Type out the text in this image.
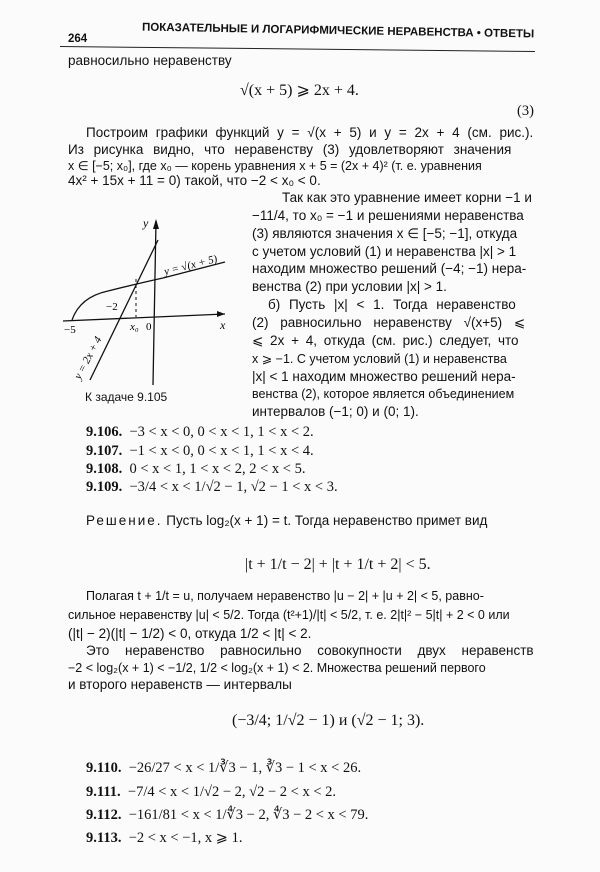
264	ПОКАЗАТЕЛЬНЫЕ И ЛОГАРИФМИЧЕСКИЕ НЕРАВЕНСТВА • ОТВЕТЫ
равносильно неравенству
√(x + 5) ⩾ 2x + 4.
(3)
Построим графики функций y = √(x + 5) и y = 2x + 4 (см. рис.).
Из рисунка видно, что неравенству (3) удовлетворяют значения
x ∈ [−5; x₀], где x₀ — корень уравнения x + 5 = (2x + 4)² (т. е. уравнения
4x² + 15x + 11 = 0) такой, что −2 < x₀ < 0.
Так как это уравнение имеет корни −1 и
−11/4, то x₀ = −1 и решениями неравенства
(3) являются значения x ∈ [−5; −1], откуда
с учетом условий (1) и неравенства |x| > 1
находим множество решений (−4; −1) нера-
венства (2) при условии |x| > 1.
б) Пусть |x| < 1. Тогда неравенство
(2) равносильно неравенству √(x+5) ⩽
⩽ 2x + 4, откуда (см. рис.) следует, что
x ⩾ −1. С учетом условий (1) и неравенства
|x| < 1 находим множество решений нера-
венства (2), которое является объединением
интервалов (−1; 0) и (0; 1).
y
x
−5
−2
x₀ 0
y = √(x + 5)
y = 2x + 4
К задаче 9.105
9.106. −3 < x < 0, 0 < x < 1, 1 < x < 2.
9.107. −1 < x < 0, 0 < x < 1, 1 < x < 4.
9.108. 0 < x < 1, 1 < x < 2, 2 < x < 5.
9.109. −3/4 < x < 1/√2 − 1, √2 − 1 < x < 3.
Решение. Пусть log₂(x + 1) = t. Тогда неравенство примет вид
|t + 1/t − 2| + |t + 1/t + 2| < 5.
Полагая t + 1/t = u, получаем неравенство |u − 2| + |u + 2| < 5, равно-
сильное неравенству |u| < 5/2. Тогда (t²+1)/|t| < 5/2, т. е. 2|t|² − 5|t| + 2 < 0 или
(|t| − 2)(|t| − 1/2) < 0, откуда 1/2 < |t| < 2.
Это неравенство равносильно совокупности двух неравенств
−2 < log₂(x + 1) < −1/2, 1/2 < log₂(x + 1) < 2. Множества решений первого
и второго неравенств — интервалы
(−3/4; 1/√2 − 1) и (√2 − 1; 3).
9.110. −26/27 < x < 1/∛3 − 1, ∛3 − 1 < x < 26.
9.111. −7/4 < x < 1/√2 − 2, √2 − 2 < x < 2.
9.112. −161/81 < x < 1/∜3 − 2, ∜3 − 2 < x < 79.
9.113. −2 < x < −1, x ⩾ 1.
